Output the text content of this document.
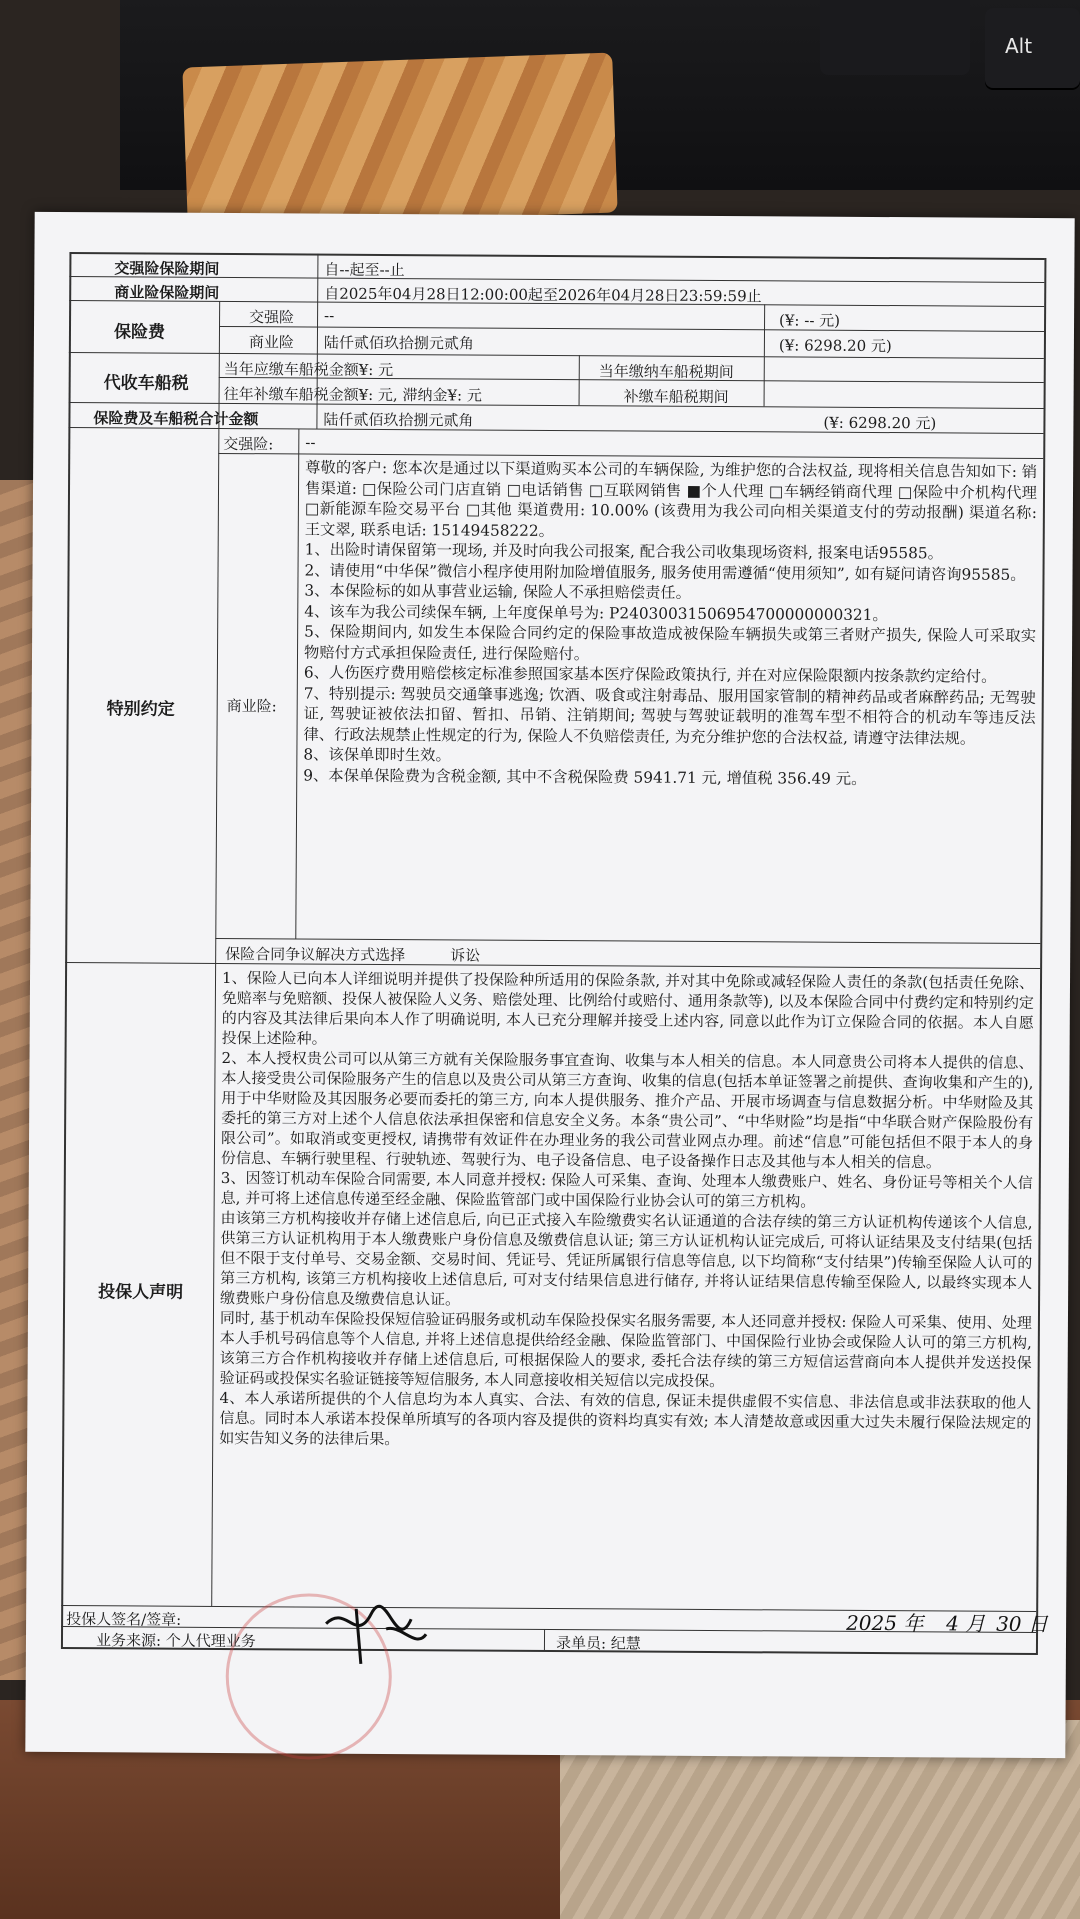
Alt
交强险保险期间	自--起至--止
商业险保险期间	自2025年04月28日12:00:00起至2026年04月28日23:59:59止
保险费
交强险 --	(¥: -- 元)
商业险 陆仟贰佰玖拾捌元贰角	(¥: 6298.20 元)
代收车船税
当年应缴车船税金额¥: 元	当年缴纳车船税期间
往年补缴车船税金额¥: 元, 滞纳金¥: 元	补缴车船税期间
保险费及车船税合计金额	陆仟贰佰玖拾捌元贰角	(¥: 6298.20 元)
特别约定
交强险: --
商业险:

尊敬的客户: 您本次是通过以下渠道购买本公司的车辆保险, 为维护您的合法权益, 现将相关信息告知如下: 销售渠道: □保险公司门店直销 □电话销售 □互联网销售 ■个人代理 □车辆经销商代理 □保险中介机构代理 □新能源车险交易平台 □其他 渠道费用: 10.00% (该费用为我公司向相关渠道支付的劳动报酬) 渠道名称: 王文翠, 联系电话: 15149458222。

1、出险时请保留第一现场, 并及时向我公司报案, 配合我公司收集现场资料, 报案电话95585。

2、请使用“中华保”微信小程序使用附加险增值服务, 服务使用需遵循“使用须知”, 如有疑问请咨询95585。

3、本保险标的如从事营业运输, 保险人不承担赔偿责任。

4、该车为我公司续保车辆, 上年度保单号为: P24030031506954700000000321。

5、保险期间内, 如发生本保险合同约定的保险事故造成被保险车辆损失或第三者财产损失, 保险人可采取实物赔付方式承担保险责任, 进行保险赔付。

6、人伤医疗费用赔偿核定标准参照国家基本医疗保险政策执行, 并在对应保险限额内按条款约定给付。

7、特别提示: 驾驶员交通肇事逃逸; 饮酒、吸食或注射毒品、服用国家管制的精神药品或者麻醉药品; 无驾驶证, 驾驶证被依法扣留、暂扣、吊销、注销期间; 驾驶与驾驶证载明的准驾车型不相符合的机动车等违反法律、行政法规禁止性规定的行为, 保险人不负赔偿责任, 为充分维护您的合法权益, 请遵守法律法规。

8、该保单即时生效。

9、本保单保险费为含税金额, 其中不含税保险费 5941.71 元, 增值税 356.49 元。

保险合同争议解决方式选择	诉讼
投保人声明

1、保险人已向本人详细说明并提供了投保险种所适用的保险条款, 并对其中免除或减轻保险人责任的条款(包括责任免除、免赔率与免赔额、投保人被保险人义务、赔偿处理、比例给付或赔付、通用条款等), 以及本保险合同中付费约定和特别约定的内容及其法律后果向本人作了明确说明, 本人已充分理解并接受上述内容, 同意以此作为订立保险合同的依据。本人自愿投保上述险种。

2、本人授权贵公司可以从第三方就有关保险服务事宜查询、收集与本人相关的信息。本人同意贵公司将本人提供的信息、本人接受贵公司保险服务产生的信息以及贵公司从第三方查询、收集的信息(包括本单证签署之前提供、查询收集和产生的), 用于中华财险及其因服务必要而委托的第三方, 向本人提供服务、推介产品、开展市场调查与信息数据分析。中华财险及其委托的第三方对上述个人信息依法承担保密和信息安全义务。本条“贵公司”、“中华财险”均是指“中华联合财产保险股份有限公司”。如取消或变更授权, 请携带有效证件在办理业务的我公司营业网点办理。前述“信息”可能包括但不限于本人的身份信息、车辆行驶里程、行驶轨迹、驾驶行为、电子设备信息、电子设备操作日志及其他与本人相关的信息。

3、因签订机动车保险合同需要, 本人同意并授权: 保险人可采集、查询、处理本人缴费账户、姓名、身份证号等相关个人信息, 并可将上述信息传递至经金融、保险监管部门或中国保险行业协会认可的第三方机构。

由该第三方机构接收并存储上述信息后, 向已正式接入车险缴费实名认证通道的合法存续的第三方认证机构传递该个人信息, 供第三方认证机构用于本人缴费账户身份信息及缴费信息认证; 第三方认证机构认证完成后, 可将认证结果及支付结果(包括但不限于支付单号、交易金额、交易时间、凭证号、凭证所属银行信息等信息, 以下均简称“支付结果”)传输至保险人认可的第三方机构, 该第三方机构接收上述信息后, 可对支付结果信息进行储存, 并将认证结果信息传输至保险人, 以最终实现本人缴费账户身份信息及缴费信息认证。

同时, 基于机动车保险投保短信验证码服务或机动车保险投保实名服务需要, 本人还同意并授权: 保险人可采集、使用、处理本人手机号码信息等个人信息, 并将上述信息提供给经金融、保险监管部门、中国保险行业协会或保险人认可的第三方机构, 该第三方合作机构接收并存储上述信息后, 可根据保险人的要求, 委托合法存续的第三方短信运营商向本人提供并发送投保验证码或投保实名验证链接等短信服务, 本人同意接收相关短信以完成投保。

4、本人承诺所提供的个人信息均为本人真实、合法、有效的信息, 保证未提供虚假不实信息、非法信息或非法获取的他人信息。同时本人承诺本投保单所填写的各项内容及提供的资料均真实有效; 本人清楚故意或因重大过失未履行保险法规定的如实告知义务的法律后果。

投保人签名/签章:	2025 年 4 月 30 日
业务来源: 个人代理业务	录单员: 纪慧
